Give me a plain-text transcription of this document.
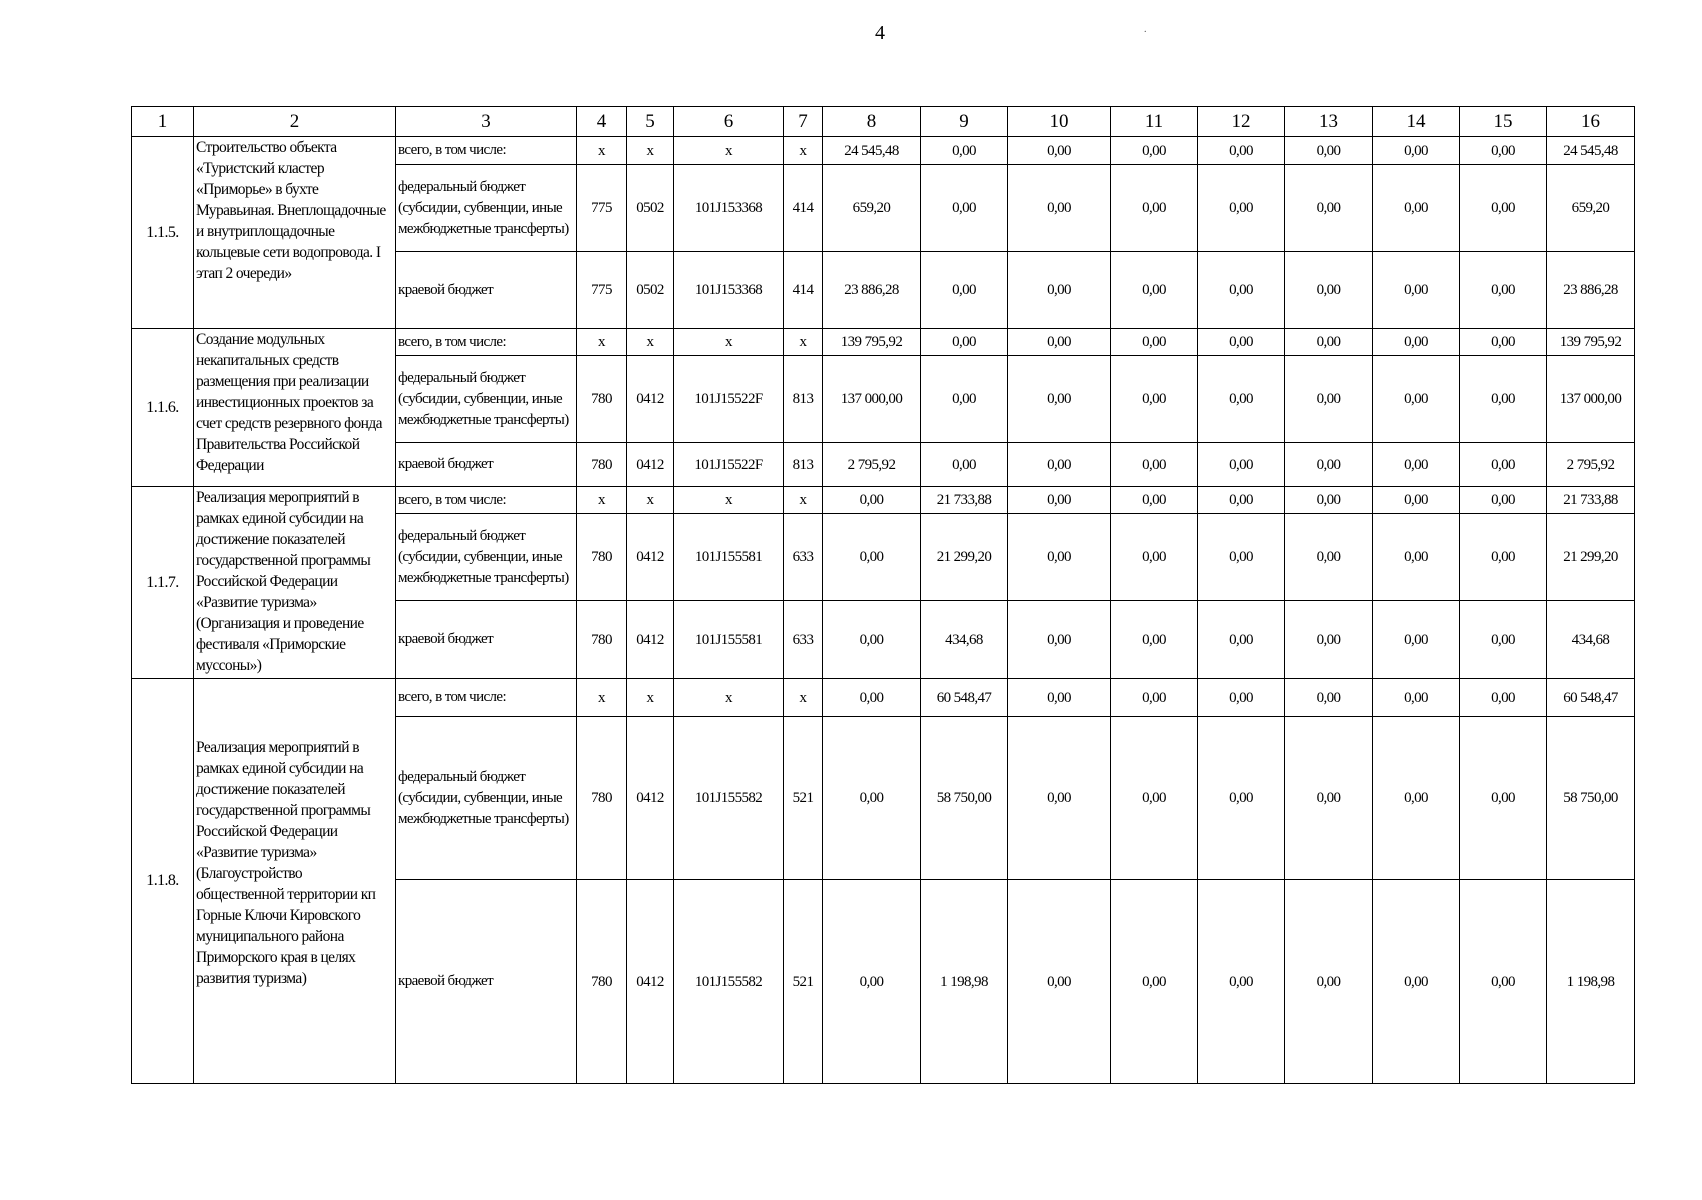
4	.
1	2	3	4	5	6	7	8	9	10	11	12	13	14	15	16
1.1.5.	Строительство объекта «Туристский кластер «Приморье» в бухте Муравьиная. Внеплощадочные и внутриплощадочные кольцевые сети водопровода. I этап 2 очереди»	всего, в том числе:	х	х	х	х	24 545,48	0,00	0,00	0,00	0,00	0,00	0,00	0,00	24 545,48
		федеральный бюджет (субсидии, субвенции, иные межбюджетные трансферты)	775	0502	101J153368	414	659,20	0,00	0,00	0,00	0,00	0,00	0,00	0,00	659,20
		краевой бюджет	775	0502	101J153368	414	23 886,28	0,00	0,00	0,00	0,00	0,00	0,00	0,00	23 886,28
1.1.6.	Создание модульных некапитальных средств размещения при реализации инвестиционных проектов за счет средств резервного фонда Правительства Российской Федерации	всего, в том числе:	х	х	х	х	139 795,92	0,00	0,00	0,00	0,00	0,00	0,00	0,00	139 795,92
		федеральный бюджет (субсидии, субвенции, иные межбюджетные трансферты)	780	0412	101J15522F	813	137 000,00	0,00	0,00	0,00	0,00	0,00	0,00	0,00	137 000,00
		краевой бюджет	780	0412	101J15522F	813	2 795,92	0,00	0,00	0,00	0,00	0,00	0,00	0,00	2 795,92
1.1.7.	Реализация мероприятий в рамках единой субсидии на достижение показателей государственной программы Российской Федерации «Развитие туризма» (Организация и проведение фестиваля «Приморские муссоны»)	всего, в том числе:	х	х	х	х	0,00	21 733,88	0,00	0,00	0,00	0,00	0,00	0,00	21 733,88
		федеральный бюджет (субсидии, субвенции, иные межбюджетные трансферты)	780	0412	101J155581	633	0,00	21 299,20	0,00	0,00	0,00	0,00	0,00	0,00	21 299,20
		краевой бюджет	780	0412	101J155581	633	0,00	434,68	0,00	0,00	0,00	0,00	0,00	0,00	434,68
1.1.8.	Реализация мероприятий в рамках единой субсидии на достижение показателей государственной программы Российской Федерации «Развитие туризма» (Благоустройство общественной территории кп Горные Ключи Кировского муниципального района Приморского края в целях развития туризма)	всего, в том числе:	х	х	х	х	0,00	60 548,47	0,00	0,00	0,00	0,00	0,00	0,00	60 548,47
		федеральный бюджет (субсидии, субвенции, иные межбюджетные трансферты)	780	0412	101J155582	521	0,00	58 750,00	0,00	0,00	0,00	0,00	0,00	0,00	58 750,00
		краевой бюджет	780	0412	101J155582	521	0,00	1 198,98	0,00	0,00	0,00	0,00	0,00	0,00	1 198,98
